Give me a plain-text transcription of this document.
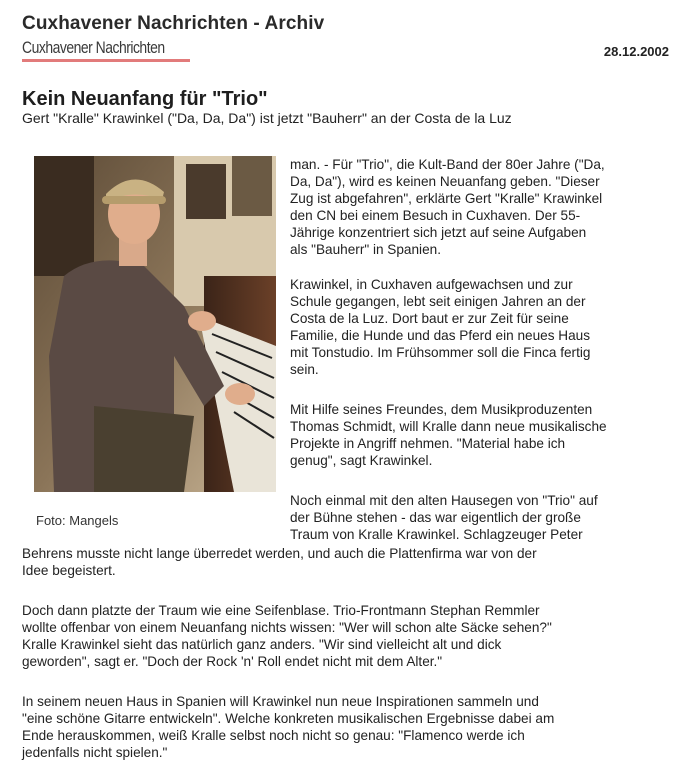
Cuxhavener Nachrichten - Archiv
Cuxhavener Nachrichten	28.12.2002
Kein Neuanfang für "Trio"
Gert "Kralle" Krawinkel ("Da, Da, Da") ist jetzt "Bauherr" an der Costa de la Luz
Foto: Mangels
man. - Für "Trio", die Kult-Band der 80er Jahre ("Da,
Da, Da"), wird es keinen Neuanfang geben. "Dieser
Zug ist abgefahren", erklärte Gert "Kralle" Krawinkel
den CN bei einem Besuch in Cuxhaven. Der 55-
Jährige konzentriert sich jetzt auf seine Aufgaben
als "Bauherr" in Spanien.
Krawinkel, in Cuxhaven aufgewachsen und zur
Schule gegangen, lebt seit einigen Jahren an der
Costa de la Luz. Dort baut er zur Zeit für seine
Familie, die Hunde und das Pferd ein neues Haus
mit Tonstudio. Im Frühsommer soll die Finca fertig
sein.
Mit Hilfe seines Freundes, dem Musikproduzenten
Thomas Schmidt, will Kralle dann neue musikalische
Projekte in Angriff nehmen. "Material habe ich
genug", sagt Krawinkel.
Noch einmal mit den alten Hausegen von "Trio" auf
der Bühne stehen - das war eigentlich der große
Traum von Kralle Krawinkel. Schlagzeuger Peter
Behrens musste nicht lange überredet werden, und auch die Plattenfirma war von der
Idee begeistert.
Doch dann platzte der Traum wie eine Seifenblase. Trio-Frontmann Stephan Remmler
wollte offenbar von einem Neuanfang nichts wissen: "Wer will schon alte Säcke sehen?"
Kralle Krawinkel sieht das natürlich ganz anders. "Wir sind vielleicht alt und dick
geworden", sagt er. "Doch der Rock 'n' Roll endet nicht mit dem Alter."
In seinem neuen Haus in Spanien will Krawinkel nun neue Inspirationen sammeln und
"eine schöne Gitarre entwickeln". Welche konkreten musikalischen Ergebnisse dabei am
Ende herauskommen, weiß Kralle selbst noch nicht so genau: "Flamenco werde ich
jedenfalls nicht spielen."
